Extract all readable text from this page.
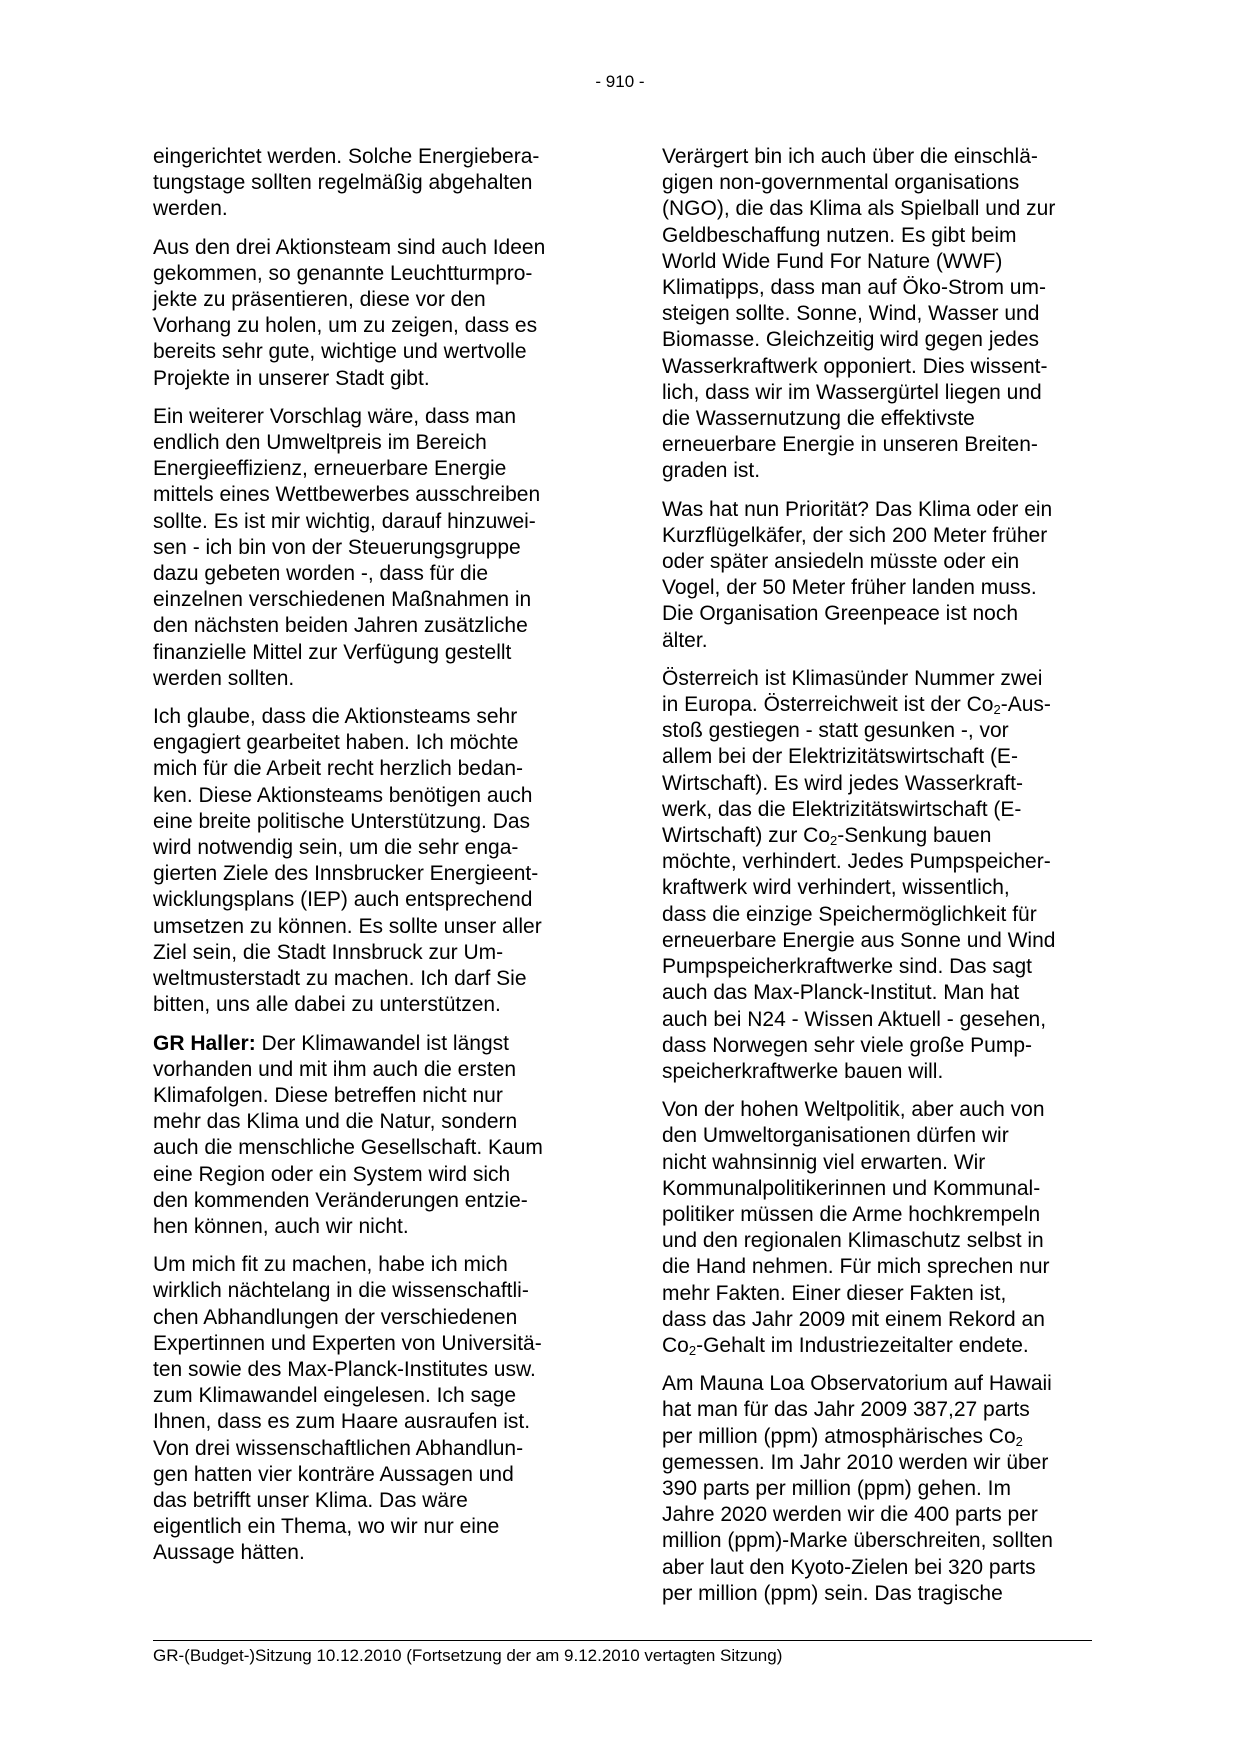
- 910 -

eingerichtet werden. Solche Energiebera-
tungstage sollten regelmäßig abgehalten
werden.

Aus den drei Aktionsteam sind auch Ideen
gekommen, so genannte Leuchtturmpro-
jekte zu präsentieren, diese vor den
Vorhang zu holen, um zu zeigen, dass es
bereits sehr gute, wichtige und wertvolle
Projekte in unserer Stadt gibt.

Ein weiterer Vorschlag wäre, dass man
endlich den Umweltpreis im Bereich
Energieeffizienz, erneuerbare Energie
mittels eines Wettbewerbes ausschreiben
sollte. Es ist mir wichtig, darauf hinzuwei-
sen - ich bin von der Steuerungsgruppe
dazu gebeten worden -, dass für die
einzelnen verschiedenen Maßnahmen in
den nächsten beiden Jahren zusätzliche
finanzielle Mittel zur Verfügung gestellt
werden sollten.

Ich glaube, dass die Aktionsteams sehr
engagiert gearbeitet haben. Ich möchte
mich für die Arbeit recht herzlich bedan-
ken. Diese Aktionsteams benötigen auch
eine breite politische Unterstützung. Das
wird notwendig sein, um die sehr enga-
gierten Ziele des Innsbrucker Energieent-
wicklungsplans (IEP) auch entsprechend
umsetzen zu können. Es sollte unser aller
Ziel sein, die Stadt Innsbruck zur Um-
weltmusterstadt zu machen. Ich darf Sie
bitten, uns alle dabei zu unterstützen.

GR Haller: Der Klimawandel ist längst
vorhanden und mit ihm auch die ersten
Klimafolgen. Diese betreffen nicht nur
mehr das Klima und die Natur, sondern
auch die menschliche Gesellschaft. Kaum
eine Region oder ein System wird sich
den kommenden Veränderungen entzie-
hen können, auch wir nicht.

Um mich fit zu machen, habe ich mich
wirklich nächtelang in die wissenschaftli-
chen Abhandlungen der verschiedenen
Expertinnen und Experten von Universitä-
ten sowie des Max-Planck-Institutes usw.
zum Klimawandel eingelesen. Ich sage
Ihnen, dass es zum Haare ausraufen ist.
Von drei wissenschaftlichen Abhandlun-
gen hatten vier konträre Aussagen und
das betrifft unser Klima. Das wäre
eigentlich ein Thema, wo wir nur eine
Aussage hätten.

Verärgert bin ich auch über die einschlä-
gigen non-governmental organisations
(NGO), die das Klima als Spielball und zur
Geldbeschaffung nutzen. Es gibt beim
World Wide Fund For Nature (WWF)
Klimatipps, dass man auf Öko-Strom um-
steigen sollte. Sonne, Wind, Wasser und
Biomasse. Gleichzeitig wird gegen jedes
Wasserkraftwerk opponiert. Dies wissent-
lich, dass wir im Wassergürtel liegen und
die Wassernutzung die effektivste
erneuerbare Energie in unseren Breiten-
graden ist.

Was hat nun Priorität? Das Klima oder ein
Kurzflügelkäfer, der sich 200 Meter früher
oder später ansiedeln müsste oder ein
Vogel, der 50 Meter früher landen muss.
Die Organisation Greenpeace ist noch
älter.

Österreich ist Klimasünder Nummer zwei
in Europa. Österreichweit ist der $Co_2-Aus-$
stoß gestiegen - statt gesunken -, vor
allem bei der Elektrizitätswirtschaft (E-
Wirtschaft). Es wird jedes Wasserkraft-
werk, das die Elektrizitätswirtschaft (E-
Wirtschaft) zur $Co_2$-Senkung bauen
möchte, verhindert. Jedes Pumpspeicher-
kraftwerk wird verhindert, wissentlich,
dass die einzige Speichermöglichkeit für
erneuerbare Energie aus Sonne und Wind
Pumpspeicherkraftwerke sind. Das sagt
auch das Max-Planck-Institut. Man hat
auch bei N24 - Wissen Aktuell - gesehen,
dass Norwegen sehr viele große Pump-
speicherkraftwerke bauen will.

Von der hohen Weltpolitik, aber auch von
den Umweltorganisationen dürfen wir
nicht wahnsinnig viel erwarten. Wir
Kommunalpolitikerinnen und Kommunal-
politiker müssen die Arme hochkrempeln
und den regionalen Klimaschutz selbst in
die Hand nehmen. Für mich sprechen nur
mehr Fakten. Einer dieser Fakten ist,
dass das Jahr 2009 mit einem Rekord an
$Co_2$-Gehalt im Industriezeitalter endete.

Am Mauna Loa Observatorium auf Hawaii
hat man für das Jahr 2009 387,27 parts
per million (ppm) atmosphärisches $Co_2$
gemessen. Im Jahr 2010 werden wir über
390 parts per million (ppm) gehen. Im
Jahre 2020 werden wir die 400 parts per
million (ppm)-Marke überschreiten, sollten
aber laut den Kyoto-Zielen bei 320 parts
per million (ppm) sein. Das tragische

GR-(Budget-)Sitzung 10.12.2010 (Fortsetzung der am 9.12.2010 vertagten Sitzung)
